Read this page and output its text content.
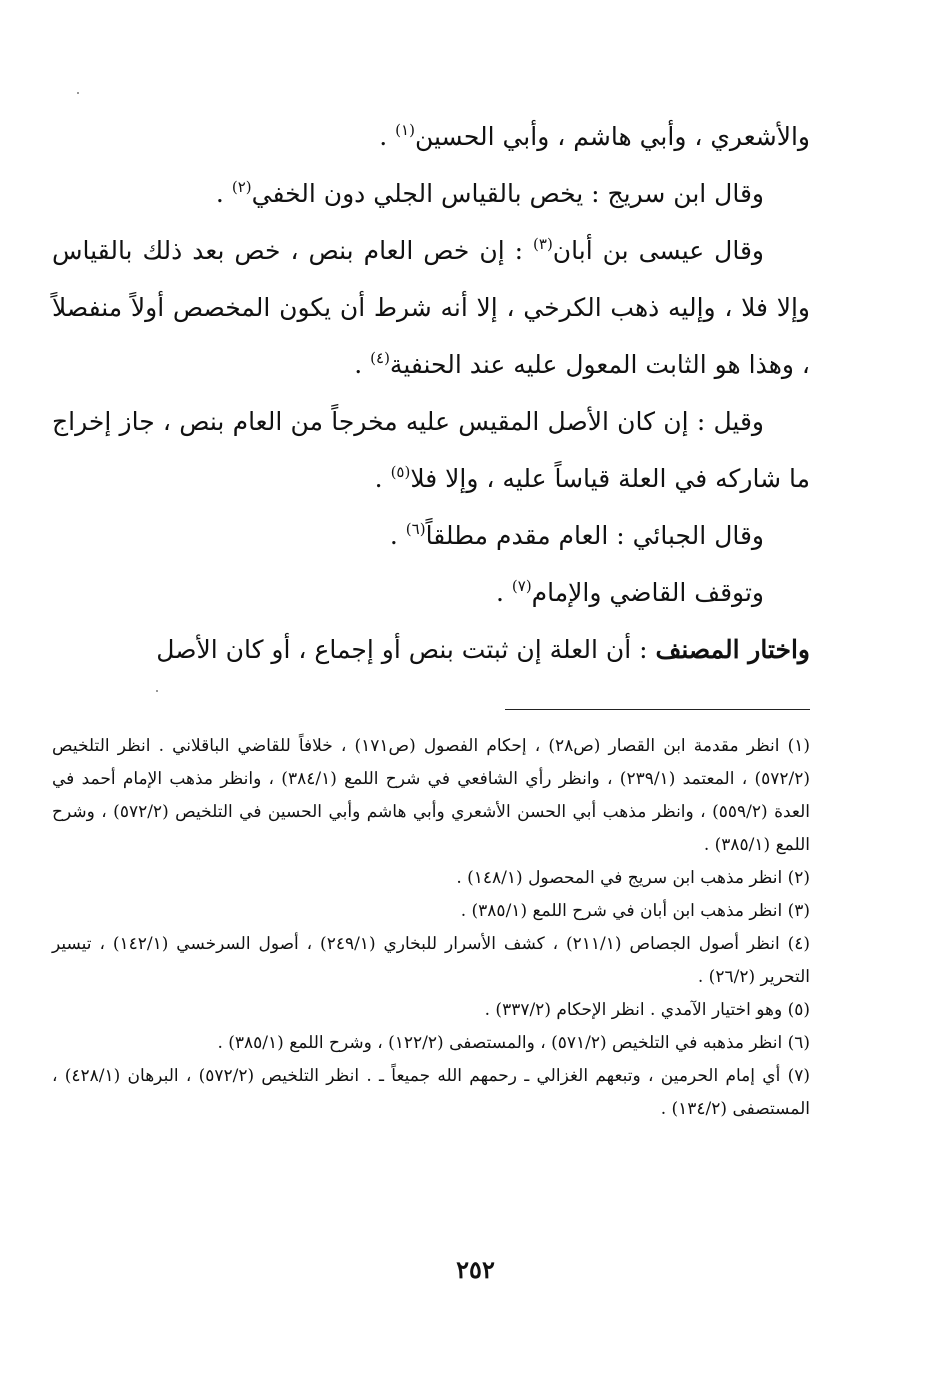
والأشعري ، وأبي هاشم ، وأبي الحسين$^{(١)}$ .

وقال ابن سريج : يخص بالقياس الجلي دون الخفي$^{(٢)}$ .

وقال عيسى بن أبان$^{(٣)}$ : إن خص العام بنص ، خص بعد ذلك بالقياس وإلا فلا ، وإليه ذهب الكرخي ، إلا أنه شرط أن يكون المخصص أولاً منفصلاً ، وهذا هو الثابت المعول عليه عند الحنفية$^{(٤)}$ .

وقيل : إن كان الأصل المقيس عليه مخرجاً من العام بنص ، جاز إخراج ما شاركه في العلة قياساً عليه ، وإلا فلا$^{(٥)}$ .

وقال الجبائي : العام مقدم مطلقاً$^{(٦)}$ .

وتوقف القاضي والإمام$^{(٧)}$ .

واختار المصنف : أن العلة إن ثبتت بنص أو إجماع ، أو كان الأصل

(١) انظر مقدمة ابن القصار (ص٢٨) ، إحكام الفصول (ص١٧١) ، خلافاً للقاضي الباقلاني . انظر التلخيص (٥٧٢/٢) ، المعتمد (٢٣٩/١) ، وانظر رأي الشافعي في شرح اللمع (٣٨٤/١) ، وانظر مذهب الإمام أحمد في العدة (٥٥٩/٢) ، وانظر مذهب أبي الحسن الأشعري وأبي هاشم وأبي الحسين في التلخيص (٥٧٢/٢) ، وشرح اللمع (٣٨٥/١) .

(٢) انظر مذهب ابن سريج في المحصول (١٤٨/١) .

(٣) انظر مذهب ابن أبان في شرح اللمع (٣٨٥/١) .

(٤) انظر أصول الجصاص (٢١١/١) ، كشف الأسرار للبخاري (٢٤٩/١) ، أصول السرخسي (١٤٢/١) ، تيسير التحرير (٢٦/٢) .

(٥) وهو اختيار الآمدي . انظر الإحكام (٣٣٧/٢) .

(٦) انظر مذهبه في التلخيص (٥٧١/٢) ، والمستصفى (١٢٢/٢) ، وشرح اللمع (٣٨٥/١) .

(٧) أي إمام الحرمين ، وتبعهم الغزالي ـ رحمهم الله جميعاً ـ . انظر التلخيص (٥٧٢/٢) ، البرهان (٤٢٨/١) ، المستصفى (١٣٤/٢) .

٢٥٢
